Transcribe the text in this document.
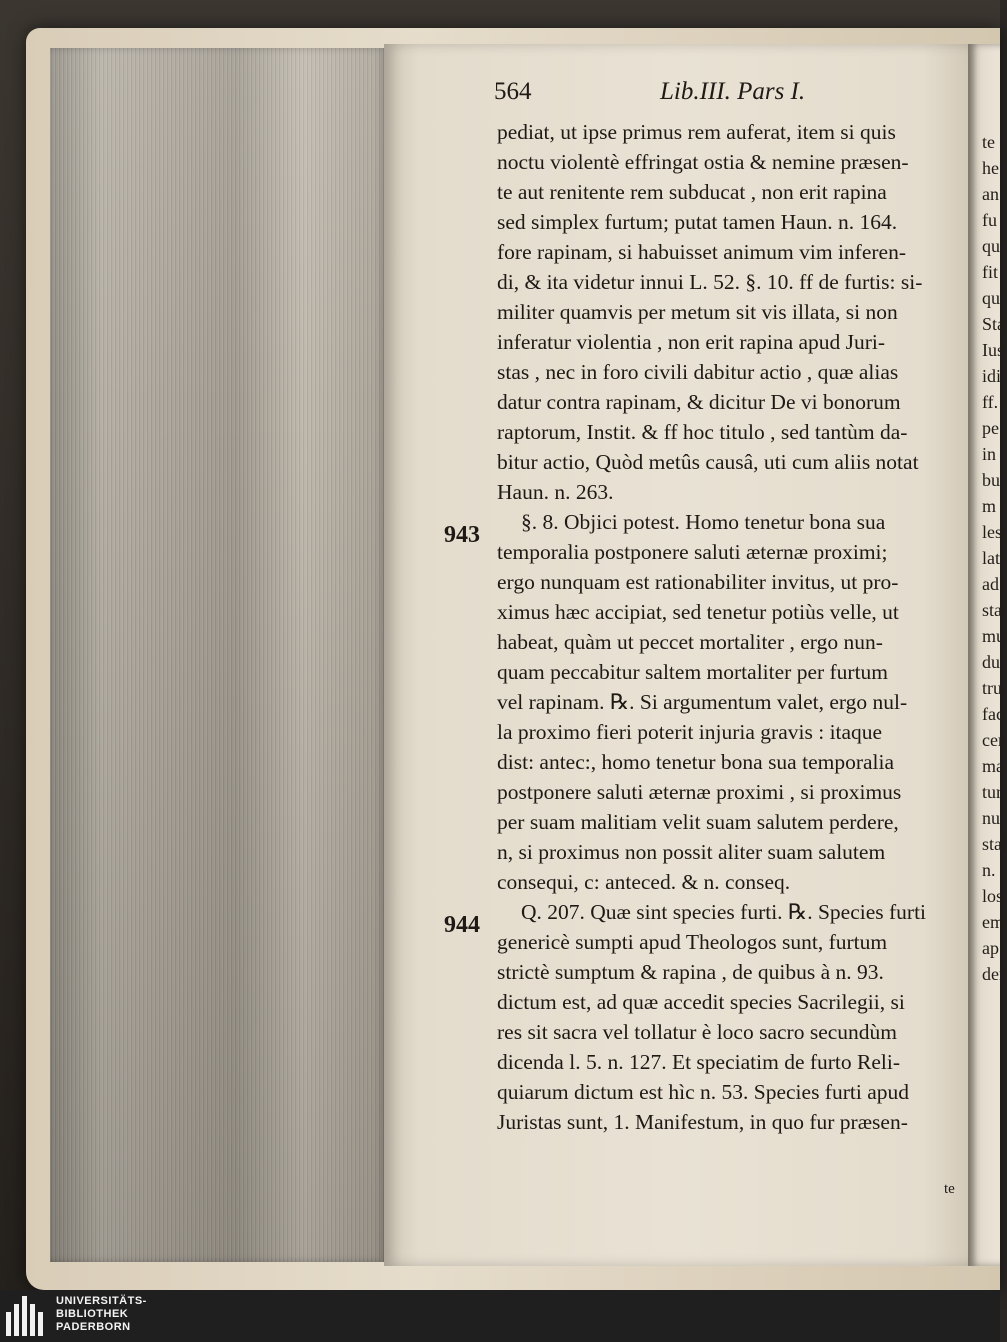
564	Lib.III. Pars I.
pediat, ut ipse primus rem auferat, item si quis
noctu violentè effringat ostia & nemine præsen-
te aut renitente rem subducat , non erit rapina
sed simplex furtum; putat tamen Haun. n. 164.
fore rapinam, si habuisset animum vim inferen-
di, & ita videtur innui L. 52. §. 10. ff de furtis: si-
militer quamvis per metum sit vis illata, si non
inferatur violentia , non erit rapina apud Juri-
stas , nec in foro civili dabitur actio , quæ alias
datur contra rapinam, & dicitur De vi bonorum
raptorum, Instit. & ff hoc titulo , sed tantùm da-
bitur actio, Quòd metûs causâ, uti cum aliis notat
Haun. n. 263.
943	§. 8. Objici potest. Homo tenetur bona sua
temporalia postponere saluti æternæ proximi;
ergo nunquam est rationabiliter invitus, ut pro-
ximus hæc accipiat, sed tenetur potiùs velle, ut
habeat, quàm ut peccet mortaliter , ergo nun-
quam peccabitur saltem mortaliter per furtum
vel rapinam. ℞. Si argumentum valet, ergo nul-
la proximo fieri poterit injuria gravis : itaque
dist: antec:, homo tenetur bona sua temporalia
postponere saluti æternæ proximi , si proximus
per suam malitiam velit suam salutem perdere,
n, si proximus non possit aliter suam salutem
consequi, c: anteced. & n. conseq.
944	Q. 207. Quæ sint species furti. ℞. Species furti
genericè sumpti apud Theologos sunt, furtum
strictè sumptum & rapina , de quibus à n. 93.
dictum est, ad quæ accedit species Sacrilegii, si
res sit sacra vel tollatur è loco sacro secundùm
dicenda l. 5. n. 127. Et speciatim de furto Reli-
quiarum dictum est hìc n. 53. Species furti apud
Juristas sunt, 1. Manifestum, in quo fur præsen-
te
te
he
an
fu
qu
fit
qu
Sta
Ius
idi
ff.
pe
in
bu
m
les
lat
ad
sta
mu
du
tru
fac
cer
ma
tur
nu
stal
n.
los
em
ap
der
UNIVERSITÄTS-
BIBLIOTHEK
PADERBORN
